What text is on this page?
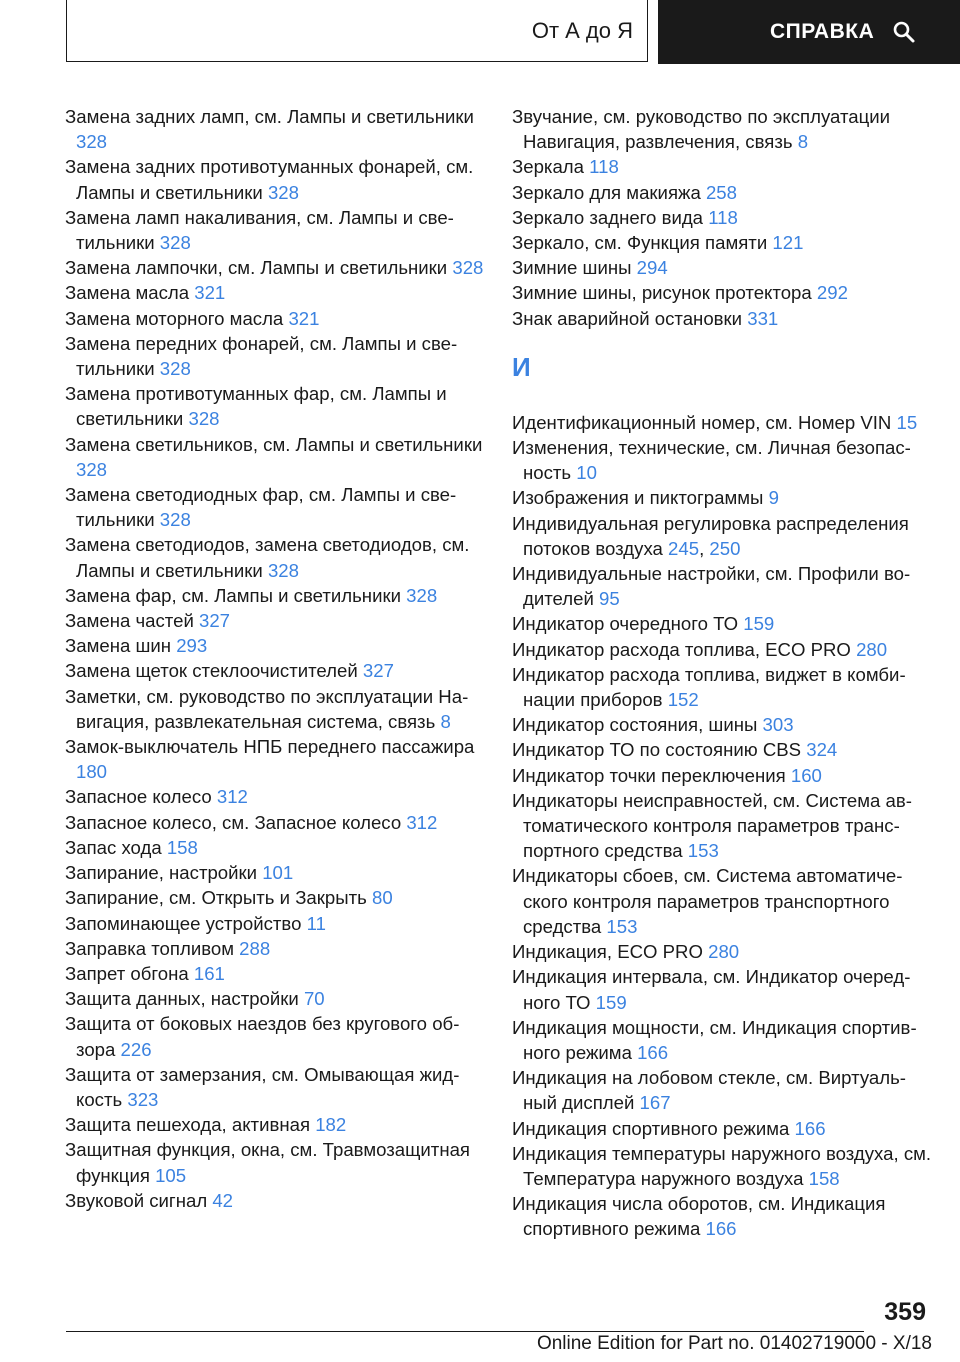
От А до Я	СПРАВКА
Замена задних ламп, см. Лампы и светильники 328
Замена задних противотуманных фонарей, см. Лампы и светильники 328
Замена ламп накаливания, см. Лампы и светильники 328
Замена лампочки, см. Лампы и светильники 328
Замена масла 321
Замена моторного масла 321
Замена передних фонарей, см. Лампы и светильники 328
Замена противотуманных фар, см. Лампы и светильники 328
Замена светильников, см. Лампы и светильники 328
Замена светодиодных фар, см. Лампы и светильники 328
Замена светодиодов, замена светодиодов, см. Лампы и светильники 328
Замена фар, см. Лампы и светильники 328
Замена частей 327
Замена шин 293
Замена щеток стеклоочистителей 327
Заметки, см. руководство по эксплуатации Навигация, развлекательная система, связь 8
Замок-выключатель НПБ переднего пассажира 180
Запасное колесо 312
Запасное колесо, см. Запасное колесо 312
Запас хода 158
Запирание, настройки 101
Запирание, см. Открыть и Закрыть 80
Запоминающее устройство 11
Заправка топливом 288
Запрет обгона 161
Защита данных, настройки 70
Защита от боковых наездов без кругового обзора 226
Защита от замерзания, см. Омывающая жидкость 323
Защита пешехода, активная 182
Защитная функция, окна, см. Травмозащитная функция 105
Звуковой сигнал 42
Звучание, см. руководство по эксплуатации Навигация, развлечения, связь 8
Зеркала 118
Зеркало для макияжа 258
Зеркало заднего вида 118
Зеркало, см. Функция памяти 121
Зимние шины 294
Зимние шины, рисунок протектора 292
Знак аварийной остановки 331
И
Идентификационный номер, см. Номер VIN 15
Изменения, технические, см. Личная безопасность 10
Изображения и пиктограммы 9
Индивидуальная регулировка распределения потоков воздуха 245, 250
Индивидуальные настройки, см. Профили водителей 95
Индикатор очередного ТО 159
Индикатор расхода топлива, ECO PRO 280
Индикатор расхода топлива, виджет в комбинации приборов 152
Индикатор состояния, шины 303
Индикатор ТО по состоянию CBS 324
Индикатор точки переключения 160
Индикаторы неисправностей, см. Система автоматического контроля параметров транспортного средства 153
Индикаторы сбоев, см. Система автоматического контроля параметров транспортного средства 153
Индикация, ECO PRO 280
Индикация интервала, см. Индикатор очередного ТО 159
Индикация мощности, см. Индикация спортивного режима 166
Индикация на лобовом стекле, см. Виртуальный дисплей 167
Индикация спортивного режима 166
Индикация температуры наружного воздуха, см. Температура наружного воздуха 158
Индикация числа оборотов, см. Индикация спортивного режима 166
359
Online Edition for Part no. 01402719000 - X/18
